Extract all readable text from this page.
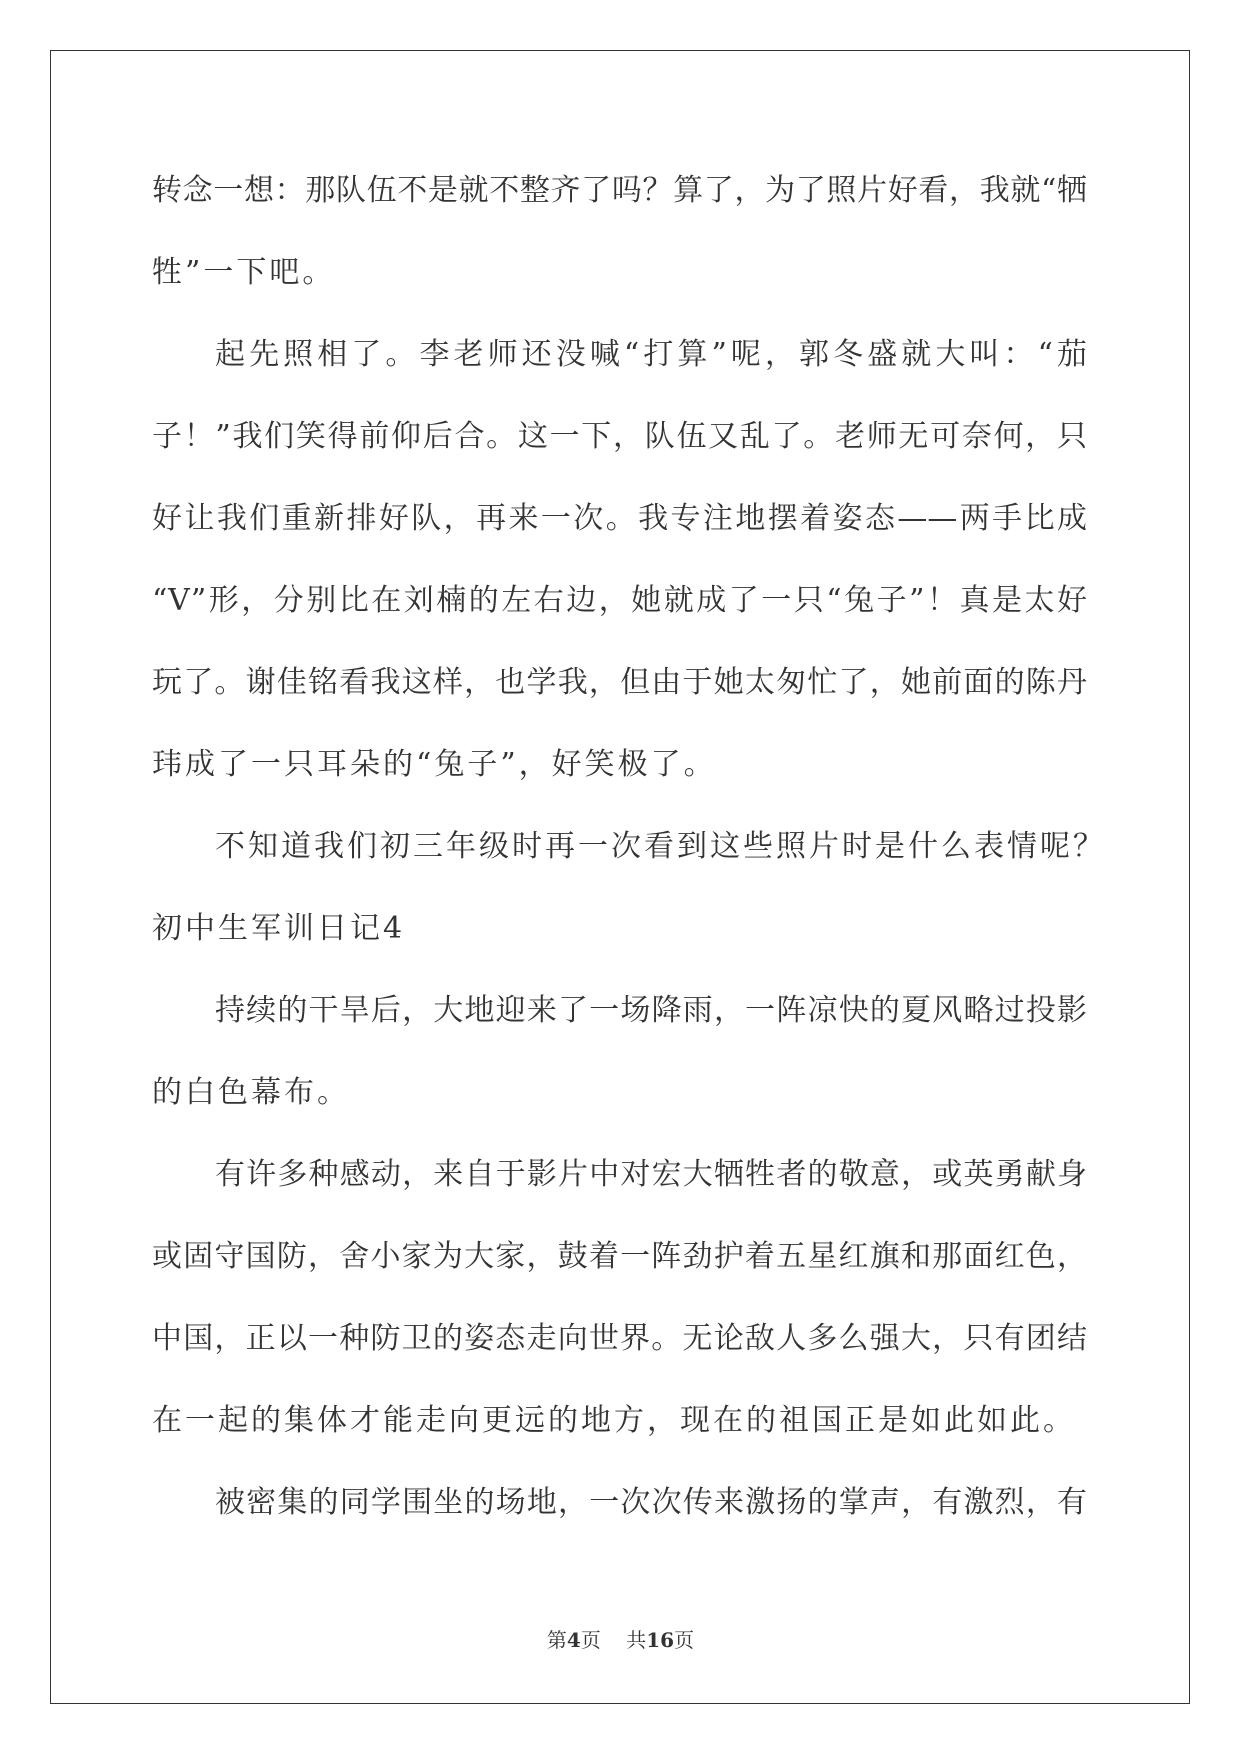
转念一想：那队伍不是就不整齐了吗？算了，为了照片好看，我就“牺
牲”一下吧。
起先照相了。李老师还没喊“打算”呢，郭冬盛就大叫：“茄
子！”我们笑得前仰后合。这一下，队伍又乱了。老师无可奈何，只
好让我们重新排好队，再来一次。我专注地摆着姿态——两手比成
“V”形，分别比在刘楠的左右边，她就成了一只“兔子”！真是太好
玩了。谢佳铭看我这样，也学我，但由于她太匆忙了，她前面的陈丹
玮成了一只耳朵的“兔子”，好笑极了。
不知道我们初三年级时再一次看到这些照片时是什么表情呢？
初中生军训日记4
持续的干旱后，大地迎来了一场降雨，一阵凉快的夏风略过投影
的白色幕布。
有许多种感动，来自于影片中对宏大牺牲者的敬意，或英勇献身
或固守国防，舍小家为大家，鼓着一阵劲护着五星红旗和那面红色，
中国，正以一种防卫的姿态走向世界。无论敌人多么强大，只有团结
在一起的集体才能走向更远的地方，现在的祖国正是如此如此。
被密集的同学围坐的场地，一次次传来激扬的掌声，有激烈，有
第4页 共16页
